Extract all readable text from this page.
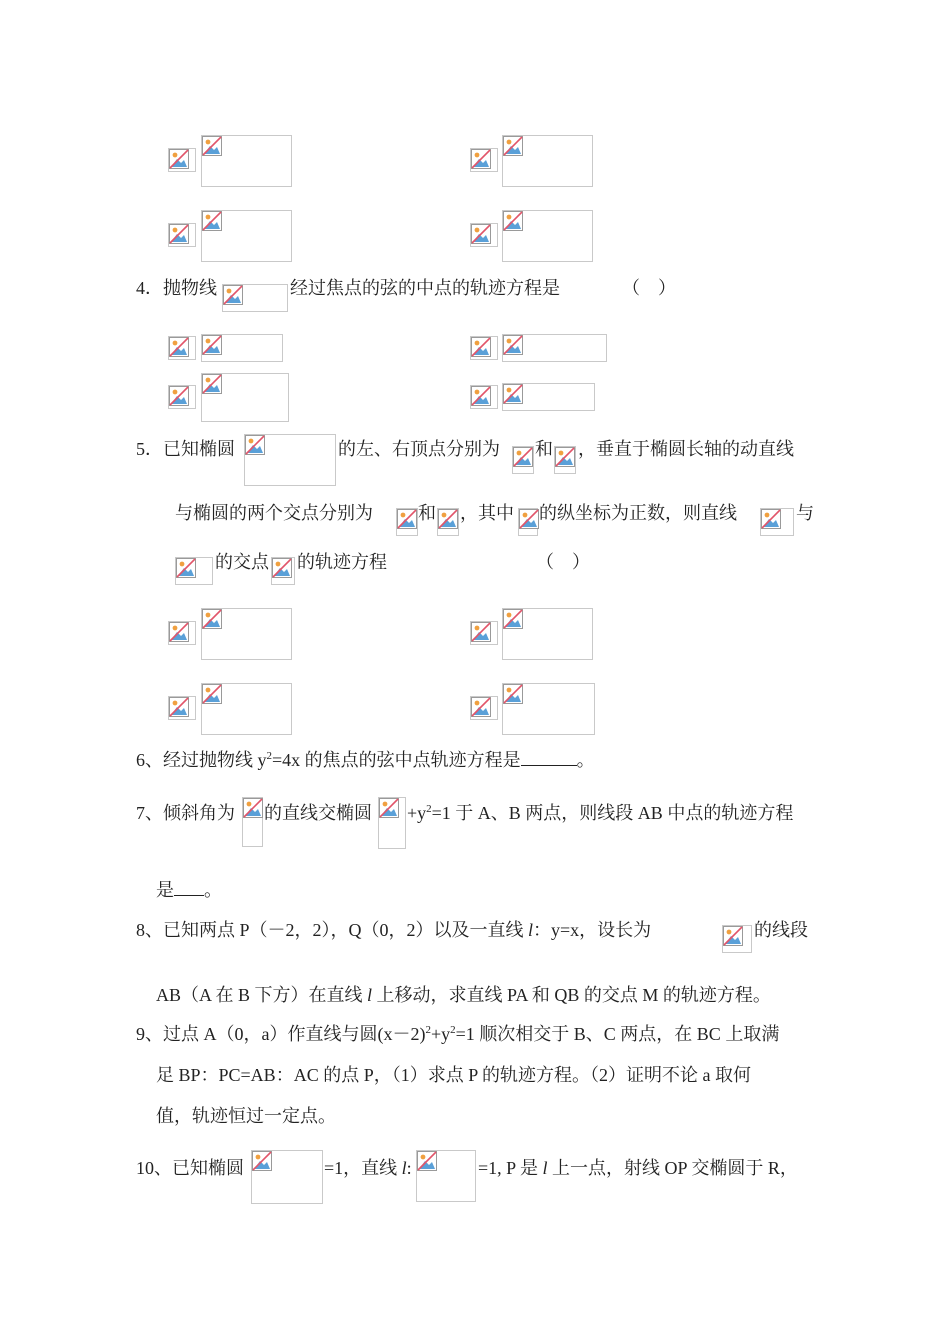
4．抛物线	经过焦点的弦的中点的轨迹方程是	（　）
5．已知椭圆	的左、右顶点分别为 和 ，垂直于椭圆长轴的动直线
与椭圆的两个交点分别为	和 ，其中 的纵坐标为正数，则直线	与
的交点 的轨迹方程	（　）
6、经过抛物线 $y^2=4x$ 的焦点的弦中点轨迹方程是	。
7、倾斜角为 的直线交椭圆 $+y^2=1$ 于 A、B 两点，则线段 AB 中点的轨迹方程
是 。
8、已知两点 P（－2，2），Q（0，2）以及一直线 l：y=x，设长为	的线段
AB（A 在 B 下方）在直线 l 上移动，求直线 PA 和 QB 的交点 M 的轨迹方程。
9、过点 A（0，a）作直线与圆$(x-2)^2+y^2=1$ 顺次相交于 B、C 两点，在 BC 上取满
足 BP：PC=AB：AC 的点 P，（1）求点 P 的轨迹方程。（2）证明不论 a 取何
值，轨迹恒过一定点。
10、已知椭圆	=1，直线 l:	=1, P 是 l 上一点，射线 OP 交椭圆于 R，
